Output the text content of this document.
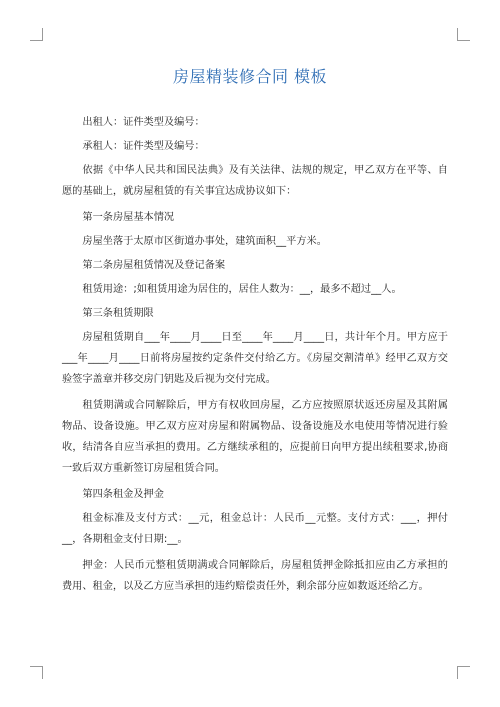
房屋精装修合同 模板

出租人：证件类型及编号：

承租人：证件类型及编号：

依据《中华人民共和国民法典》及有关法律、法规的规定，甲乙双方在平等、自愿的基础上，就房屋租赁的有关事宜达成协议如下：

第一条房屋基本情况

房屋坐落于太原市区街道办事处，建筑面积__平方米。

第二条房屋租赁情况及登记备案

租赁用途：;如租赁用途为居住的，居住人数为：__，最多不超过__人。

第三条租赁期限

房屋租赁期自___年____月____日至____年____月____日，共计年个月。甲方应于___年____月____日前将房屋按约定条件交付给乙方。《房屋交割清单》经甲乙双方交验签字盖章并移交房门钥匙及后视为交付完成。

租赁期满或合同解除后，甲方有权收回房屋，乙方应按照原状返还房屋及其附属物品、设备设施。甲乙双方应对房屋和附属物品、设备设施及水电使用等情况进行验收，结清各自应当承担的费用。乙方继续承租的，应提前日向甲方提出续租要求,协商一致后双方重新签订房屋租赁合同。

第四条租金及押金

租金标准及支付方式：__元，租金总计：人民币__元整。支付方式：___，押付__，各期租金支付日期:__。

押金：人民币元整租赁期满或合同解除后，房屋租赁押金除抵扣应由乙方承担的费用、租金，以及乙方应当承担的违约赔偿责任外，剩余部分应如数返还给乙方。
